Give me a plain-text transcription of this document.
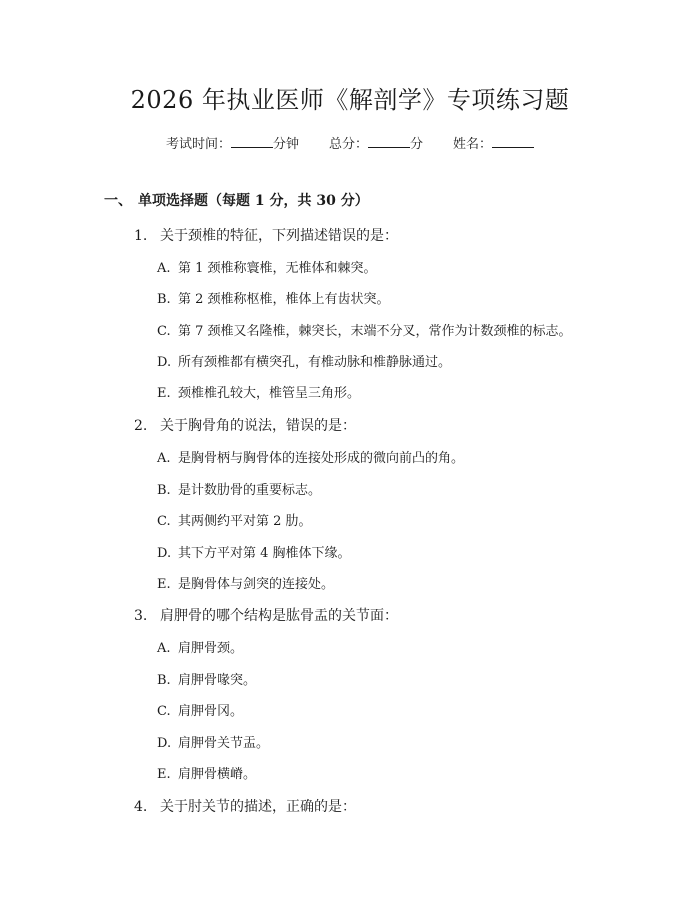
2026 年执业医师《解剖学》专项练习题
考试时间：	分钟 总分：	分 姓名：
一、 单项选择题（每题 1 分，共 30 分）
1. 关于颈椎的特征，下列描述错误的是：
A. 第 1 颈椎称寰椎，无椎体和棘突。
B. 第 2 颈椎称枢椎，椎体上有齿状突。
C. 第 7 颈椎又名隆椎，棘突长，末端不分叉，常作为计数颈椎的标志。
D. 所有颈椎都有横突孔，有椎动脉和椎静脉通过。
E. 颈椎椎孔较大，椎管呈三角形。
2. 关于胸骨角的说法，错误的是：
A. 是胸骨柄与胸骨体的连接处形成的微向前凸的角。
B. 是计数肋骨的重要标志。
C. 其两侧约平对第 2 肋。
D. 其下方平对第 4 胸椎体下缘。
E. 是胸骨体与剑突的连接处。
3. 肩胛骨的哪个结构是肱骨盂的关节面：
A. 肩胛骨颈。
B. 肩胛骨喙突。
C. 肩胛骨冈。
D. 肩胛骨关节盂。
E. 肩胛骨横嵴。
4. 关于肘关节的描述，正确的是：
